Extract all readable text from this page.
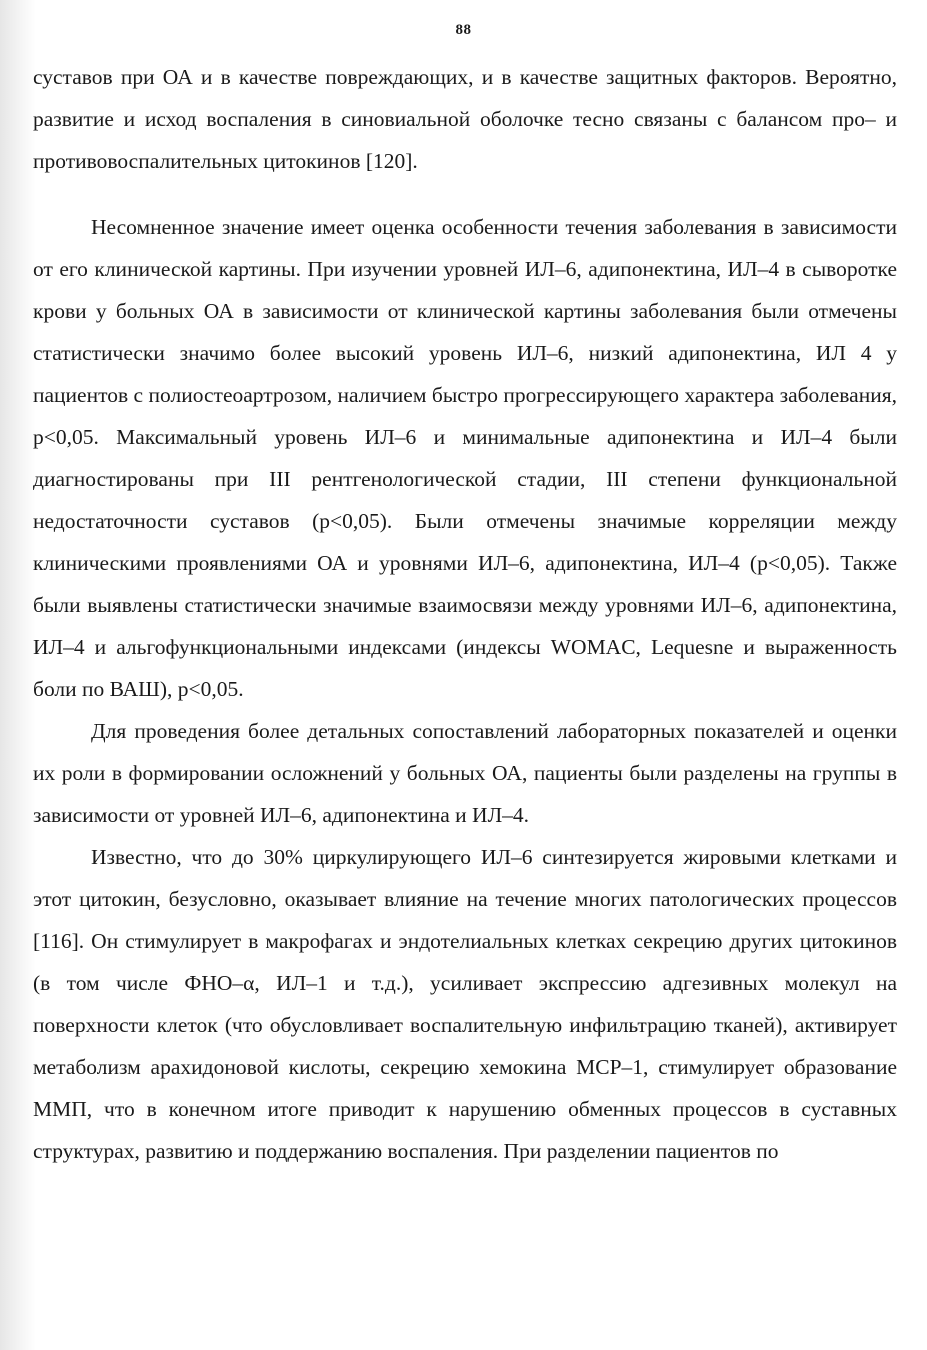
88

суставов при ОА и в качестве повреждающих, и в качестве защитных факторов. Вероятно, развитие и исход воспаления в синовиальной оболочке тесно связаны с балансом про– и противовоспалительных цитокинов [120].

Несомненное значение имеет оценка особенности течения заболевания в зависимости от его клинической картины. При изучении уровней ИЛ–6, адипонектина, ИЛ–4 в сыворотке крови у больных ОА в зависимости от клинической картины заболевания были отмечены статистически значимо более высокий уровень ИЛ–6, низкий адипонектина, ИЛ 4 у пациентов с полиостеоартрозом, наличием быстро прогрессирующего характера заболевания, p<0,05. Максимальный уровень ИЛ–6 и минимальные адипонектина и ИЛ–4 были диагностированы при III рентгенологической стадии, III степени функциональной недостаточности суставов (р<0,05). Были отмечены значимые корреляции между клиническими проявлениями ОА и уровнями ИЛ–6, адипонектина, ИЛ–4 (р<0,05). Также были выявлены статистически значимые взаимосвязи между уровнями ИЛ–6, адипонектина, ИЛ–4 и альгофункциональными индексами (индексы WOMAC, Lequesne и выраженность боли по ВАШ), p<0,05.

Для проведения более детальных сопоставлений лабораторных показателей и оценки их роли в формировании осложнений у больных ОА, пациенты были разделены на группы в зависимости от уровней ИЛ–6, адипонектина и ИЛ–4.

Известно, что до 30% циркулирующего ИЛ–6 синтезируется жировыми клетками и этот цитокин, безусловно, оказывает влияние на течение многих патологических процессов [116]. Он стимулирует в макрофагах и эндотелиальных клетках секрецию других цитокинов (в том числе ФНО–α, ИЛ–1 и т.д.), усиливает экспрессию адгезивных молекул на поверхности клеток (что обусловливает воспалительную инфильтрацию тканей), активирует метаболизм арахидоновой кислоты, секрецию хемокина МСР–1, стимулирует образование ММП, что в конечном итоге приводит к нарушению обменных процессов в суставных структурах, развитию и поддержанию воспаления. При разделении пациентов по
